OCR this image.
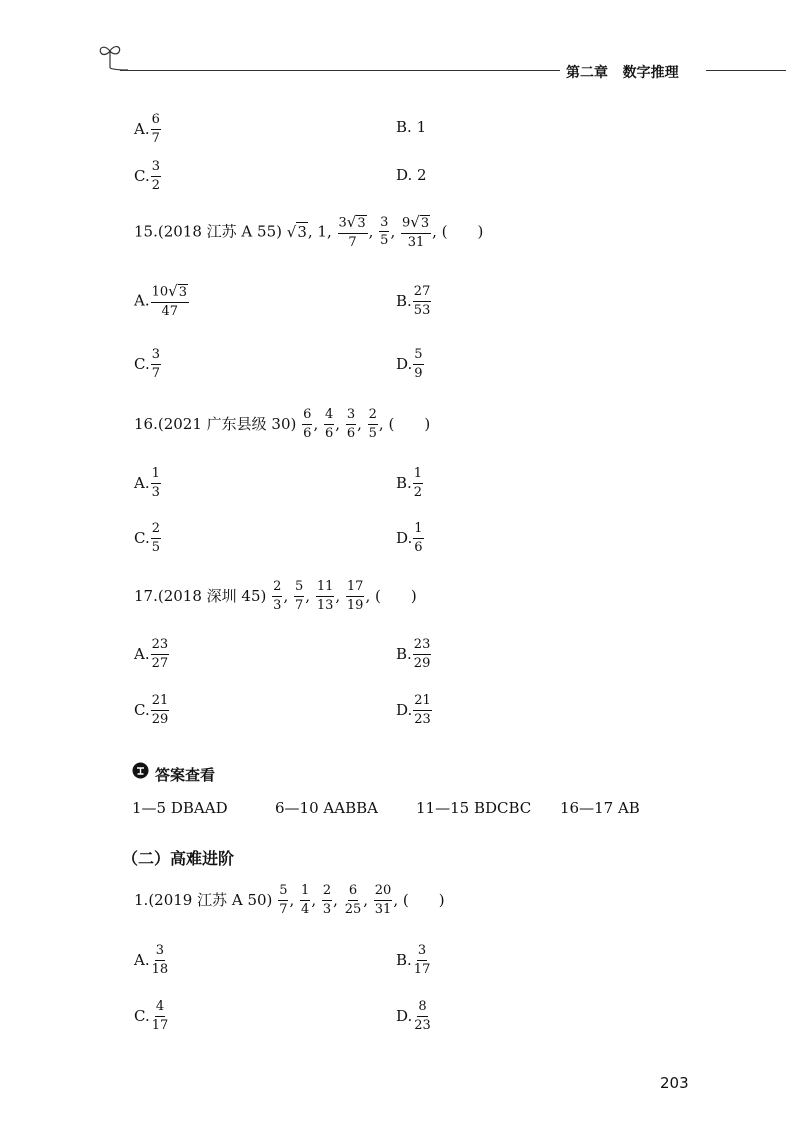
第二章 数字推理
A. $\frac{6}{7}$	B. 1
C. $\frac{3}{2}$	D. 2
15.(2018 江苏 A 55) √3, 1, $\frac{3√3}{7}$ , $\frac{3}{5}$ , $\frac{9√3}{31}$ , (　　)
A. $\frac{10√3}{47}$	B. $\frac{27}{53}$
C. $\frac{3}{7}$	D. $\frac{5}{9}$
16.(2021 广东县级 $30) \frac{6}{6}$ , $\frac{4}{6}$ , $\frac{3}{6}$ , $\frac{2}{5}$ , (　　)
A. $\frac{1}{3}$	B. $\frac{1}{2}$
C. $\frac{2}{5}$	D. $\frac{1}{6}$
17.(2018 深圳 $45) \frac{2}{3}$ , $\frac{5}{7}$ , $\frac{11}{13}$ , $\frac{17}{19}$ , (　　)
A. $\frac{23}{27}$	B. $\frac{23}{29}$
C. $\frac{21}{29}$	D. $\frac{21}{23}$
答案查看
1—5 DBAAD	6—10 AABBA	11—15 BDCBC 16—17 AB
（二）高难进阶
1.(2019 江苏 A $50) \frac{5}{7}$ , $\frac{1}{4}$ , $\frac{2}{3}$ , $\frac{6}{25}$ , $\frac{20}{31}$ , (　　)
A. $\frac{3}{18}$	B. $\frac{3}{17}$
C. $\frac{4}{17}$	D. $\frac{8}{23}$
203
